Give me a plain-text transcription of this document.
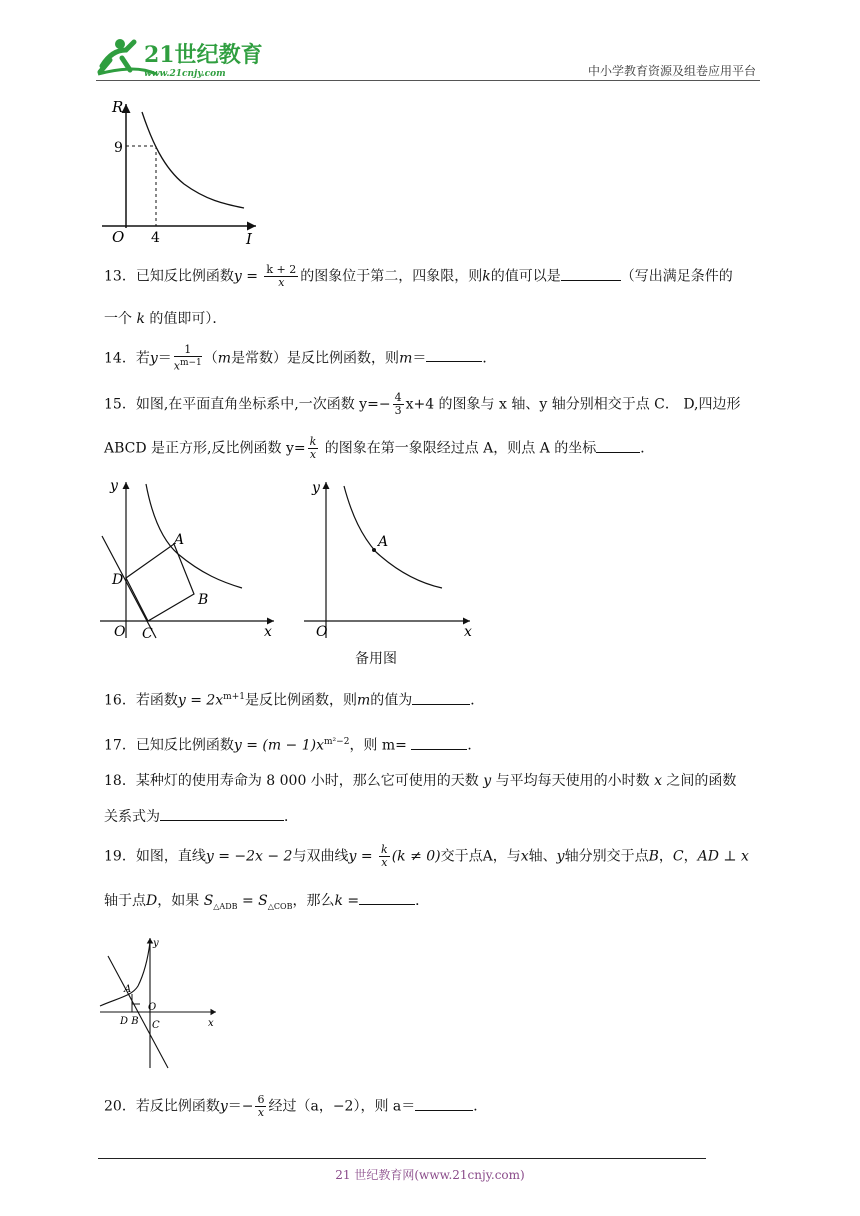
21世纪教育
www.21cnjy.com	中小学教育资源及组卷应用平台
R
9
O 4	I
13．已知反比例函数$y = \frac{k + 2}{x}$ 的图象位于第二，四象限，则k的值可以是	（写出满足条件的
一个 k 的值即可）．
14．若$y= \frac{1}{x^{m-1}} (m$是常数）是反比例函数，则m＝	．
15．如图,在平面直角坐标系中,一次函数 $y=- \frac{4}{3} x+4$ 的图象与 x 轴、y 轴分别相交于点 C． D,四边形
ABCD 是正方形,反比例函数 $y= \frac{k}{x}$ 的图象在第一象限经过点 A，则点 A 的坐标	．
y
O C
D
A
B
x
y
O
A
x
备用图
16．若函数$y = 2x^{m+1}$是反比例函数，则m的值为	．
17．已知反比例函数$y = (m - 1)x^{m^2-2}$，则 m=	．
18．某种灯的使用寿命为 8 000 小时，那么它可使用的天数 y 与平均每天使用的小时数 x 之间的函数
关系式为	．
19．如图，直线y = −2x − 2与双曲线$y = \frac{k}{x} (k \ne 0)$交于点A，与x轴、y轴分别交于点B，C，AD ⊥ x
轴于点D，如果 $S_{\triangle ADB} = S_{\triangle COB}$，那么k =	．
y
A
O
D B C	x
20．若反比例函数$y=- \frac{6}{x}$ 经过（a，−2），则 a＝	．
21 世纪教育网(www.21cnjy.com)
